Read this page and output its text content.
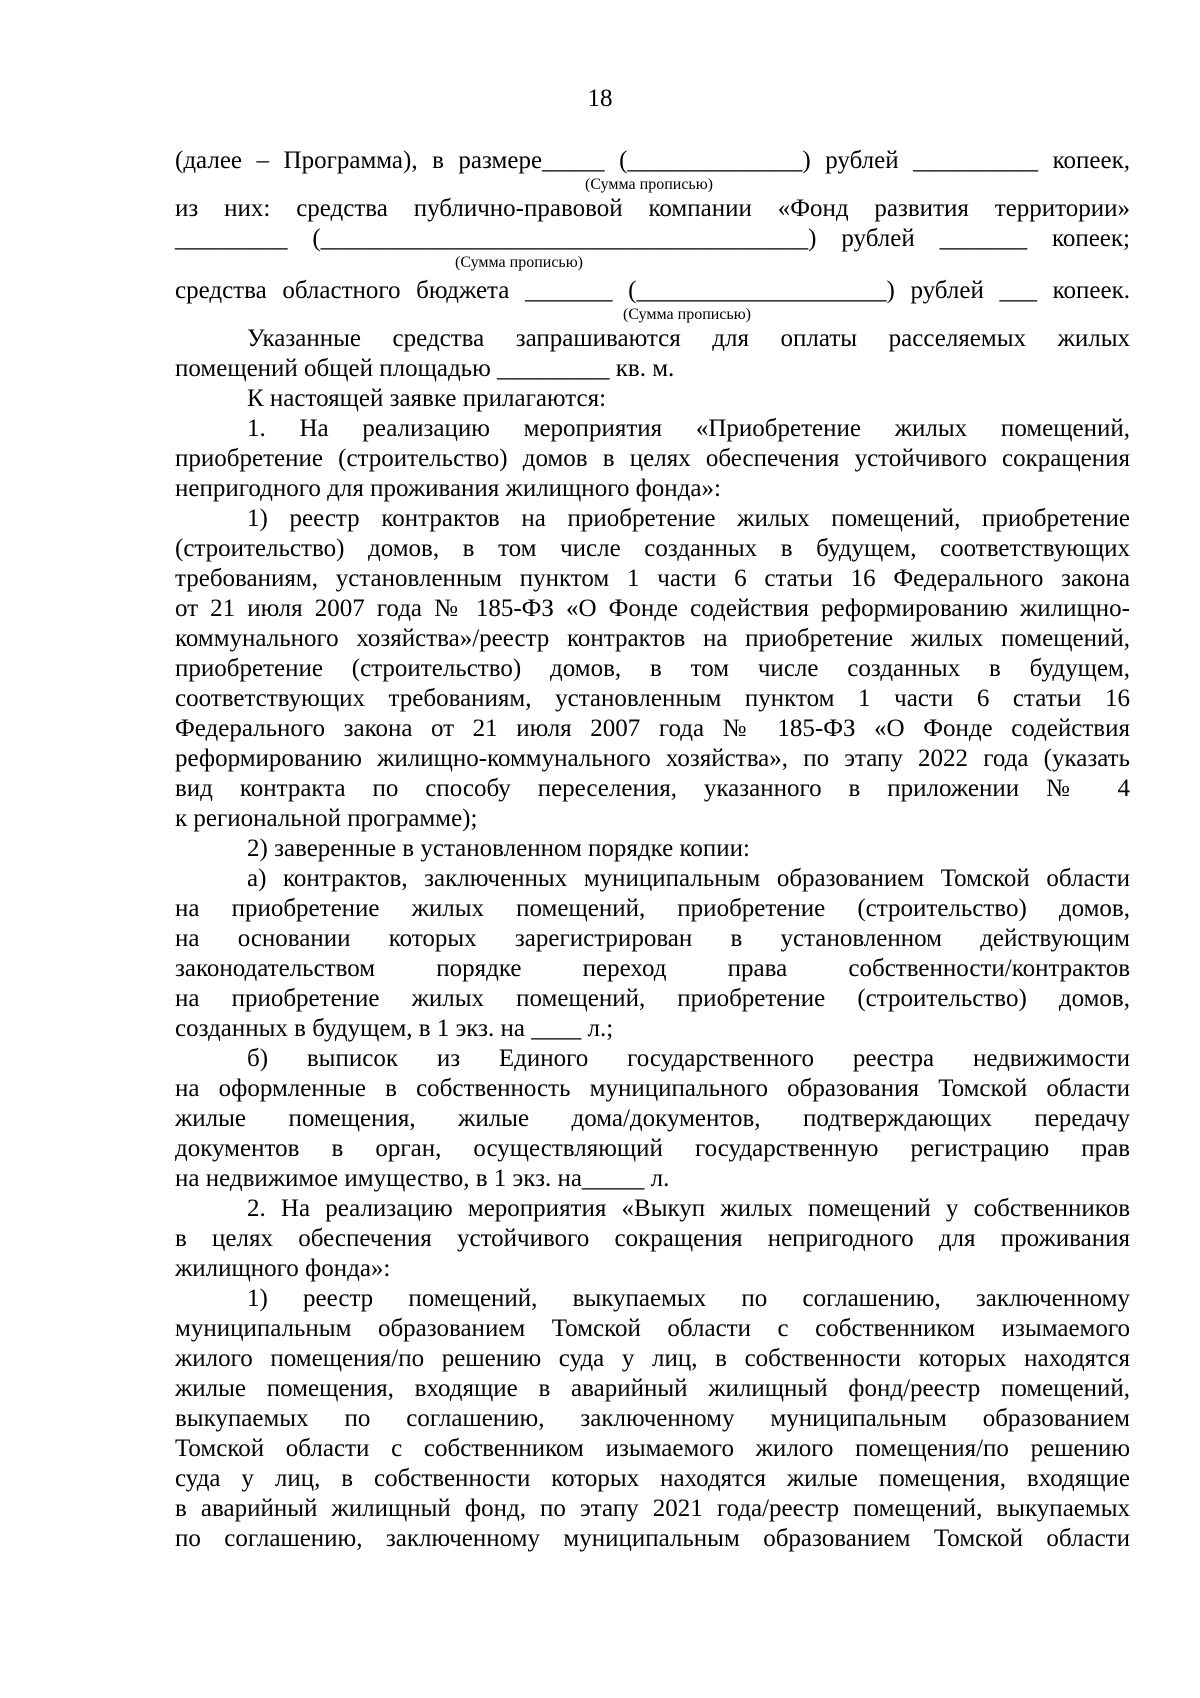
18
(далее – Программа), в размере_____ (______________) рублей __________ копеек,
(Сумма прописью)
из них: средства публично-правовой компании «Фонд развития территории»
_________ (_______________________________________) рублей _______ копеек;
(Сумма прописью)
средства областного бюджета _______ (____________________) рублей ___ копеек.
(Сумма прописью)
Указанные средства запрашиваются для оплаты расселяемых жилых
помещений общей площадью _________ кв. м.
К настоящей заявке прилагаются:
1. На реализацию мероприятия «Приобретение жилых помещений,
приобретение (строительство) домов в целях обеспечения устойчивого сокращения
непригодного для проживания жилищного фонда»:
1) реестр контрактов на приобретение жилых помещений, приобретение
(строительство) домов, в том числе созданных в будущем, соответствующих
требованиям, установленным пунктом 1 части 6 статьи 16 Федерального закона
от 21 июля 2007 года № 185-ФЗ «О Фонде содействия реформированию жилищно-
коммунального хозяйства»/реестр контрактов на приобретение жилых помещений,
приобретение (строительство) домов, в том числе созданных в будущем,
соответствующих требованиям, установленным пунктом 1 части 6 статьи 16
Федерального закона от 21 июля 2007 года № 185-ФЗ «О Фонде содействия
реформированию жилищно-коммунального хозяйства», по этапу 2022 года (указать
вид контракта по способу переселения, указанного в приложении № 4
к региональной программе);
2) заверенные в установленном порядке копии:
а) контрактов, заключенных муниципальным образованием Томской области
на приобретение жилых помещений, приобретение (строительство) домов,
на основании которых зарегистрирован в установленном действующим
законодательством порядке переход права собственности/контрактов
на приобретение жилых помещений, приобретение (строительство) домов,
созданных в будущем, в 1 экз. на ____ л.;
б) выписок из Единого государственного реестра недвижимости
на оформленные в собственность муниципального образования Томской области
жилые помещения, жилые дома/документов, подтверждающих передачу
документов в орган, осуществляющий государственную регистрацию прав
на недвижимое имущество, в 1 экз. на_____ л.
2. На реализацию мероприятия «Выкуп жилых помещений у собственников
в целях обеспечения устойчивого сокращения непригодного для проживания
жилищного фонда»:
1) реестр помещений, выкупаемых по соглашению, заключенному
муниципальным образованием Томской области с собственником изымаемого
жилого помещения/по решению суда у лиц, в собственности которых находятся
жилые помещения, входящие в аварийный жилищный фонд/реестр помещений,
выкупаемых по соглашению, заключенному муниципальным образованием
Томской области с собственником изымаемого жилого помещения/по решению
суда у лиц, в собственности которых находятся жилые помещения, входящие
в аварийный жилищный фонд, по этапу 2021 года/реестр помещений, выкупаемых
по соглашению, заключенному муниципальным образованием Томской области
